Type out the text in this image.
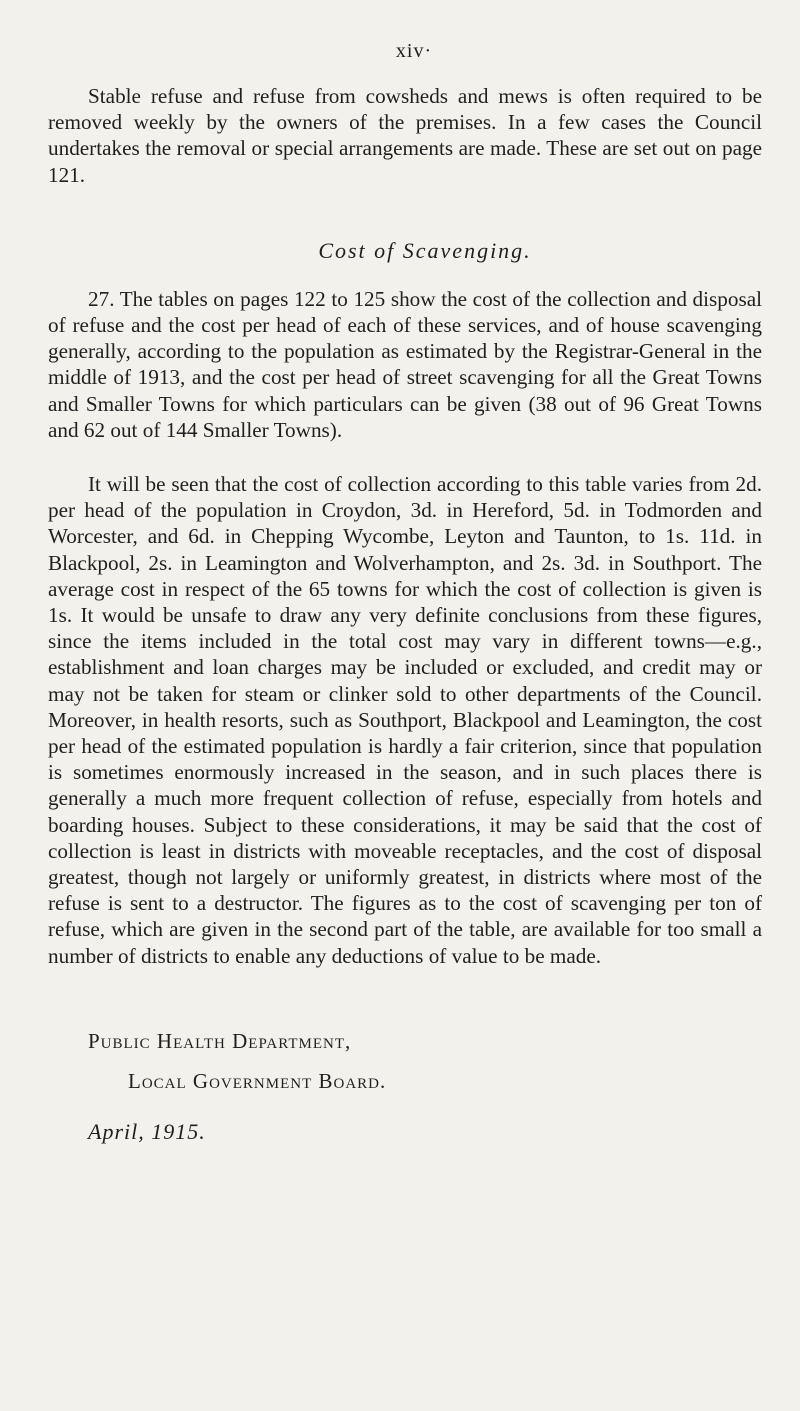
xiv·

Stable refuse and refuse from cowsheds and mews is often required to be removed weekly by the owners of the premises. In a few cases the Council undertakes the removal or special arrangements are made. These are set out on page 121.

Cost of Scavenging.

27. The tables on pages 122 to 125 show the cost of the collection and disposal of refuse and the cost per head of each of these services, and of house scavenging generally, according to the population as estimated by the Registrar-General in the middle of 1913, and the cost per head of street scavenging for all the Great Towns and Smaller Towns for which particulars can be given (38 out of 96 Great Towns and 62 out of 144 Smaller Towns).

It will be seen that the cost of collection according to this table varies from 2d. per head of the population in Croydon, 3d. in Hereford, 5d. in Todmorden and Worcester, and 6d. in Chepping Wycombe, Leyton and Taunton, to 1s. 11d. in Blackpool, 2s. in Leamington and Wolverhampton, and 2s. 3d. in Southport. The average cost in respect of the 65 towns for which the cost of collection is given is 1s. It would be unsafe to draw any very definite conclusions from these figures, since the items included in the total cost may vary in different towns—e.g., establishment and loan charges may be included or excluded, and credit may or may not be taken for steam or clinker sold to other departments of the Council. Moreover, in health resorts, such as Southport, Blackpool and Leamington, the cost per head of the estimated population is hardly a fair criterion, since that population is sometimes enormously increased in the season, and in such places there is generally a much more frequent collection of refuse, especially from hotels and boarding houses. Subject to these considerations, it may be said that the cost of collection is least in districts with moveable receptacles, and the cost of disposal greatest, though not largely or uniformly greatest, in districts where most of the refuse is sent to a destructor. The figures as to the cost of scavenging per ton of refuse, which are given in the second part of the table, are available for too small a number of districts to enable any deductions of value to be made.

Public Health Department,
Local Government Board.
April, 1915.
